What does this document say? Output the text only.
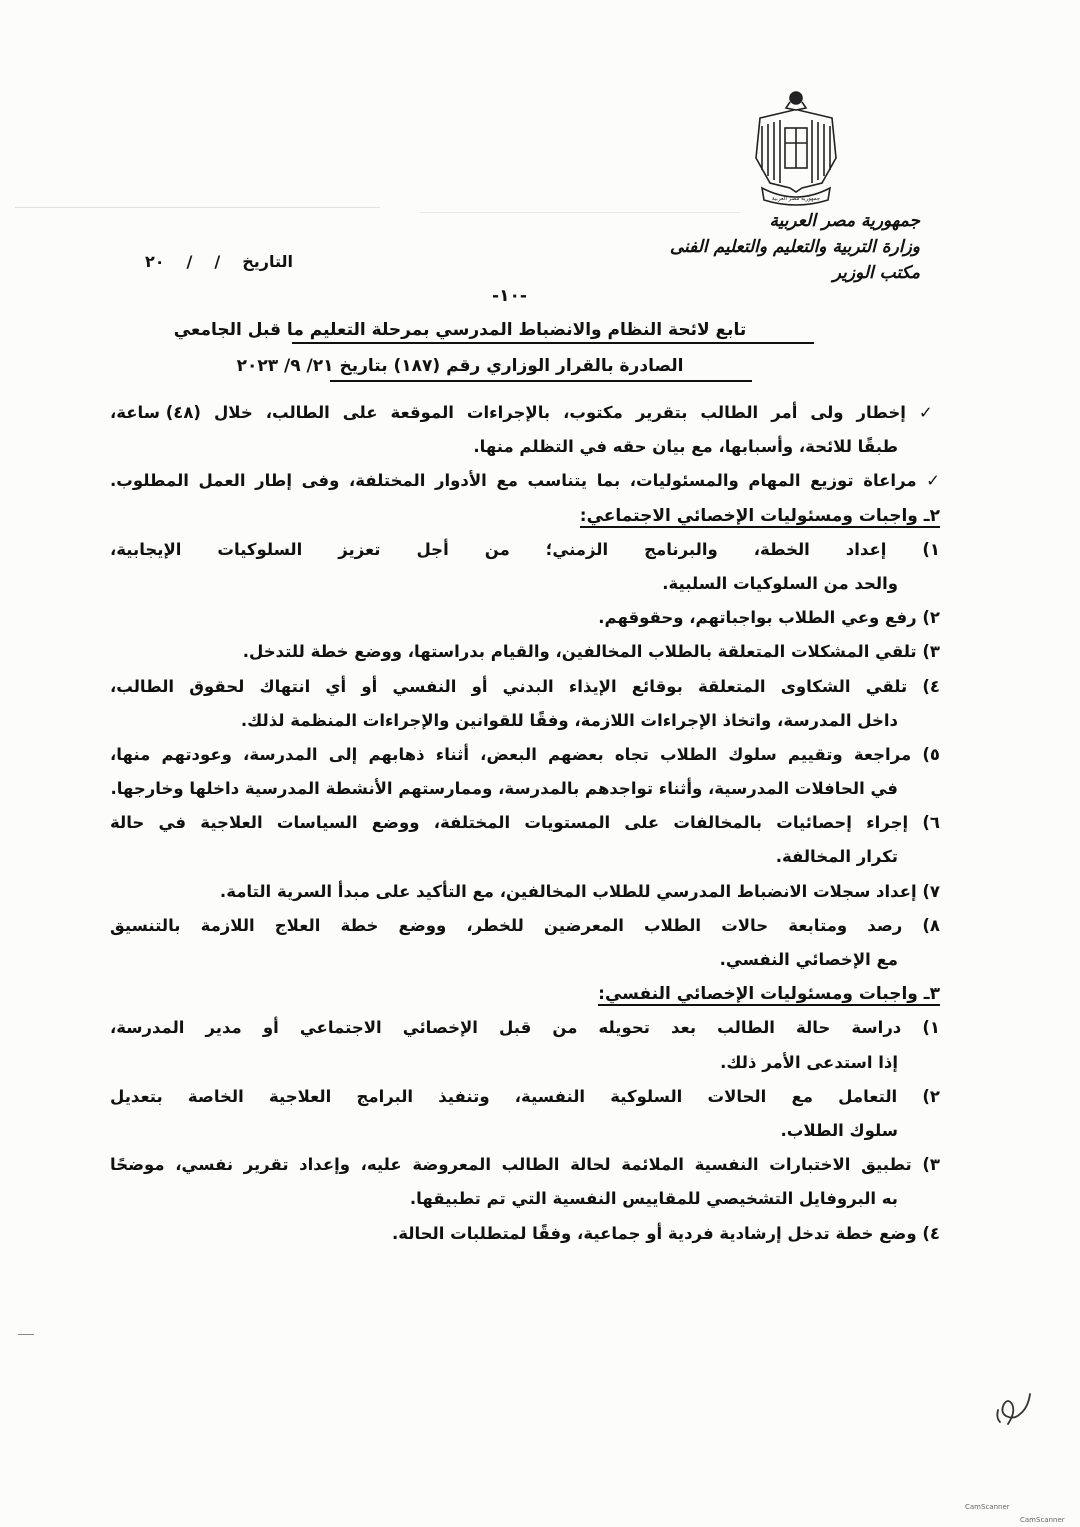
جمهورية مصر العربية
جمهورية مصر العربية
وزارة التربية والتعليم والتعليم الفنى
مكتب الوزير
التاريخ
/
/
٢٠
-١٠-
تابع لائحة النظام والانضباط المدرسي بمرحلة التعليم ما قبل الجامعي
الصادرة بالقرار الوزاري رقم (١٨٧) بتاريخ ٢١/ ٩/ ٢٠٢٣
✓ إخطار ولى أمر الطالب بتقرير مكتوب، بالإجراءات الموقعة على الطالب، خلال (٤٨) ساعة،
طبقًا للائحة، وأسبابها، مع بيان حقه في التظلم منها.
✓ مراعاة توزيع المهام والمسئوليات، بما يتناسب مع الأدوار المختلفة، وفى إطار العمل المطلوب.
٢ـ واجبات ومسئوليات الإخصائي الاجتماعي:
١) إعداد الخطة، والبرنامج الزمني؛ من أجل تعزيز السلوكيات الإيجابية،
والحد من السلوكيات السلبية.
٢) رفع وعي الطلاب بواجباتهم، وحقوقهم.
٣) تلقي المشكلات المتعلقة بالطلاب المخالفين، والقيام بدراستها، ووضع خطة للتدخل.
٤) تلقي الشكاوى المتعلقة بوقائع الإيذاء البدني أو النفسي أو أي انتهاك لحقوق الطالب،
داخل المدرسة، واتخاذ الإجراءات اللازمة، وفقًا للقوانين والإجراءات المنظمة لذلك.
٥) مراجعة وتقييم سلوك الطلاب تجاه بعضهم البعض، أثناء ذهابهم إلى المدرسة، وعودتهم منها،
في الحافلات المدرسية، وأثناء تواجدهم بالمدرسة، وممارستهم الأنشطة المدرسية داخلها وخارجها.
٦) إجراء إحصائيات بالمخالفات على المستويات المختلفة، ووضع السياسات العلاجية في حالة
تكرار المخالفة.
٧) إعداد سجلات الانضباط المدرسي للطلاب المخالفين، مع التأكيد على مبدأ السرية التامة.
٨) رصد ومتابعة حالات الطلاب المعرضين للخطر، ووضع خطة العلاج اللازمة بالتنسيق
مع الإخصائي النفسي.
٣ـ واجبات ومسئوليات الإخصائي النفسي:
١) دراسة حالة الطالب بعد تحويله من قبل الإخصائي الاجتماعي أو مدير المدرسة،
إذا استدعى الأمر ذلك.
٢) التعامل مع الحالات السلوكية النفسية، وتنفيذ البرامج العلاجية الخاصة بتعديل
سلوك الطلاب.
٣) تطبيق الاختبارات النفسية الملائمة لحالة الطالب المعروضة عليه، وإعداد تقرير نفسي، موضحًا
به البروفايل التشخيصي للمقاييس النفسية التي تم تطبيقها.
٤) وضع خطة تدخل إرشادية فردية أو جماعية، وفقًا لمتطلبات الحالة.
CamScanner
CamScanner
